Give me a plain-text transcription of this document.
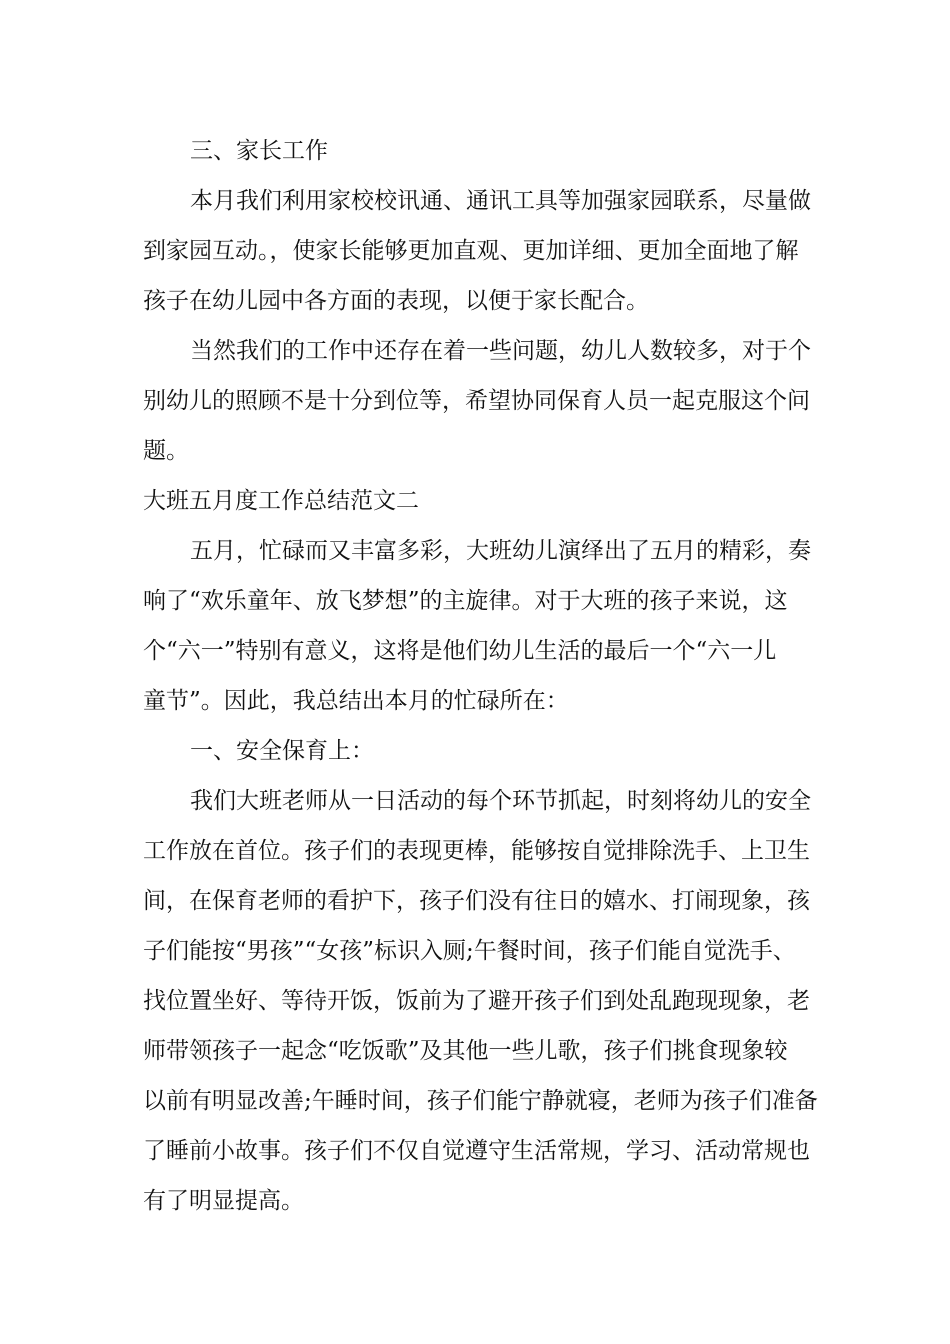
三、家长工作
本月我们利用家校校讯通、通讯工具等加强家园联系，尽量做
到家园互动。，使家长能够更加直观、更加详细、更加全面地了解
孩子在幼儿园中各方面的表现，以便于家长配合。
当然我们的工作中还存在着一些问题，幼儿人数较多，对于个
别幼儿的照顾不是十分到位等，希望协同保育人员一起克服这个问
题。
大班五月度工作总结范文二
五月，忙碌而又丰富多彩，大班幼儿演绎出了五月的精彩，奏
响了“欢乐童年、放飞梦想”的主旋律。对于大班的孩子来说，这
个“六一”特别有意义，这将是他们幼儿生活的最后一个“六一儿
童节”。因此，我总结出本月的忙碌所在：
一、安全保育上：
我们大班老师从一日活动的每个环节抓起，时刻将幼儿的安全
工作放在首位。孩子们的表现更棒，能够按自觉排除洗手、上卫生
间，在保育老师的看护下，孩子们没有往日的嬉水、打闹现象，孩
子们能按“男孩”“女孩”标识入厕;午餐时间，孩子们能自觉洗手、
找位置坐好、等待开饭，饭前为了避开孩子们到处乱跑现现象，老
师带领孩子一起念“吃饭歌”及其他一些儿歌，孩子们挑食现象较
以前有明显改善;午睡时间，孩子们能宁静就寝，老师为孩子们准备
了睡前小故事。孩子们不仅自觉遵守生活常规，学习、活动常规也
有了明显提高。
